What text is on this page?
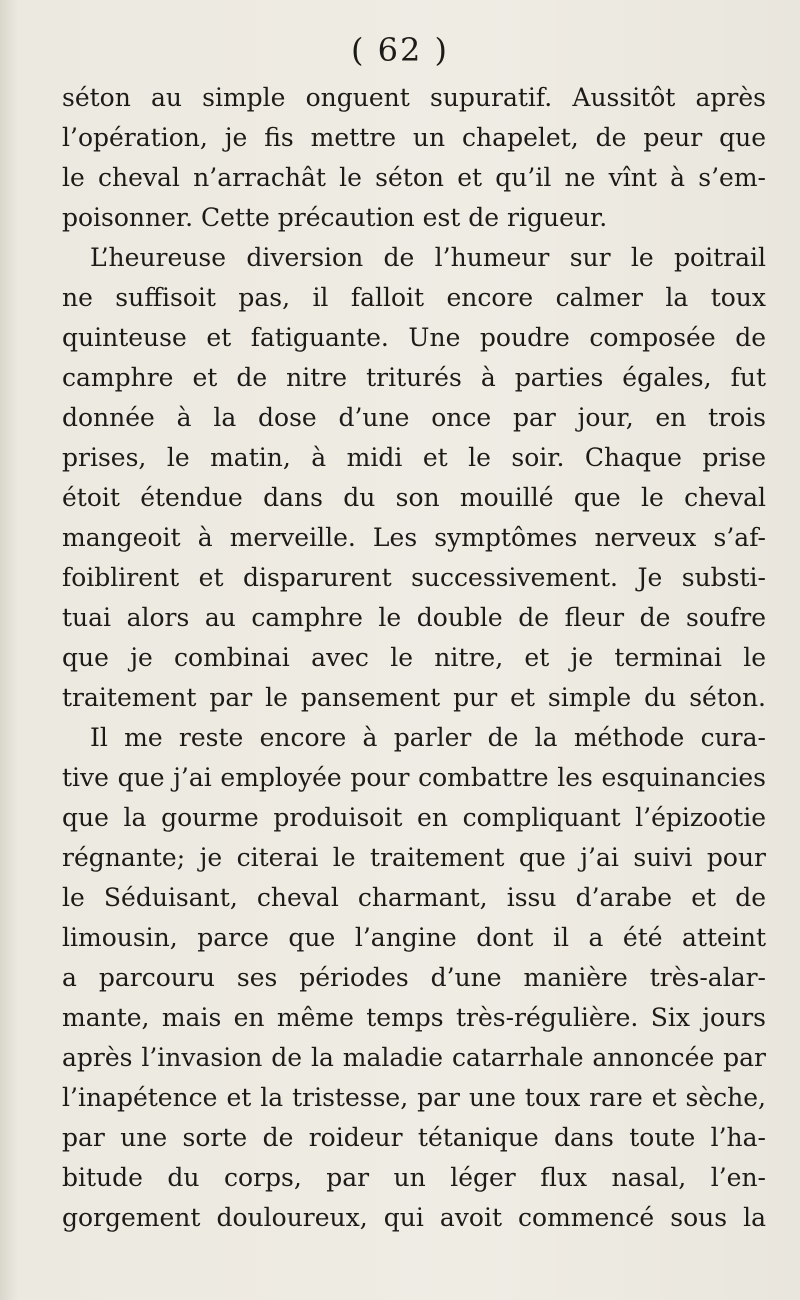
( 62 )
séton au simple onguent supuratif. Aussitôt après
l’opération, je fis mettre un chapelet, de peur que
le cheval n’arrachât le séton et qu’il ne vînt à s’em-
poisonner. Cette précaution est de rigueur.
L’heureuse diversion de l’humeur sur le poitrail
ne suffisoit pas, il falloit encore calmer la toux
quinteuse et fatiguante. Une poudre composée de
camphre et de nitre triturés à parties égales, fut
donnée à la dose d’une once par jour, en trois
prises, le matin, à midi et le soir. Chaque prise
étoit étendue dans du son mouillé que le cheval
mangeoit à merveille. Les symptômes nerveux s’af-
foiblirent et disparurent successivement. Je substi-
tuai alors au camphre le double de fleur de soufre
que je combinai avec le nitre, et je terminai le
traitement par le pansement pur et simple du séton.
Il me reste encore à parler de la méthode cura-
tive que j’ai employée pour combattre les esquinancies
que la gourme produisoit en compliquant l’épizootie
régnante; je citerai le traitement que j’ai suivi pour
le Séduisant, cheval charmant, issu d’arabe et de
limousin, parce que l’angine dont il a été atteint
a parcouru ses périodes d’une manière très-alar-
mante, mais en même temps très-régulière. Six jours
après l’invasion de la maladie catarrhale annoncée par
l’inapétence et la tristesse, par une toux rare et sèche,
par une sorte de roideur tétanique dans toute l’ha-
bitude du corps, par un léger flux nasal, l’en-
gorgement douloureux, qui avoit commencé sous la
